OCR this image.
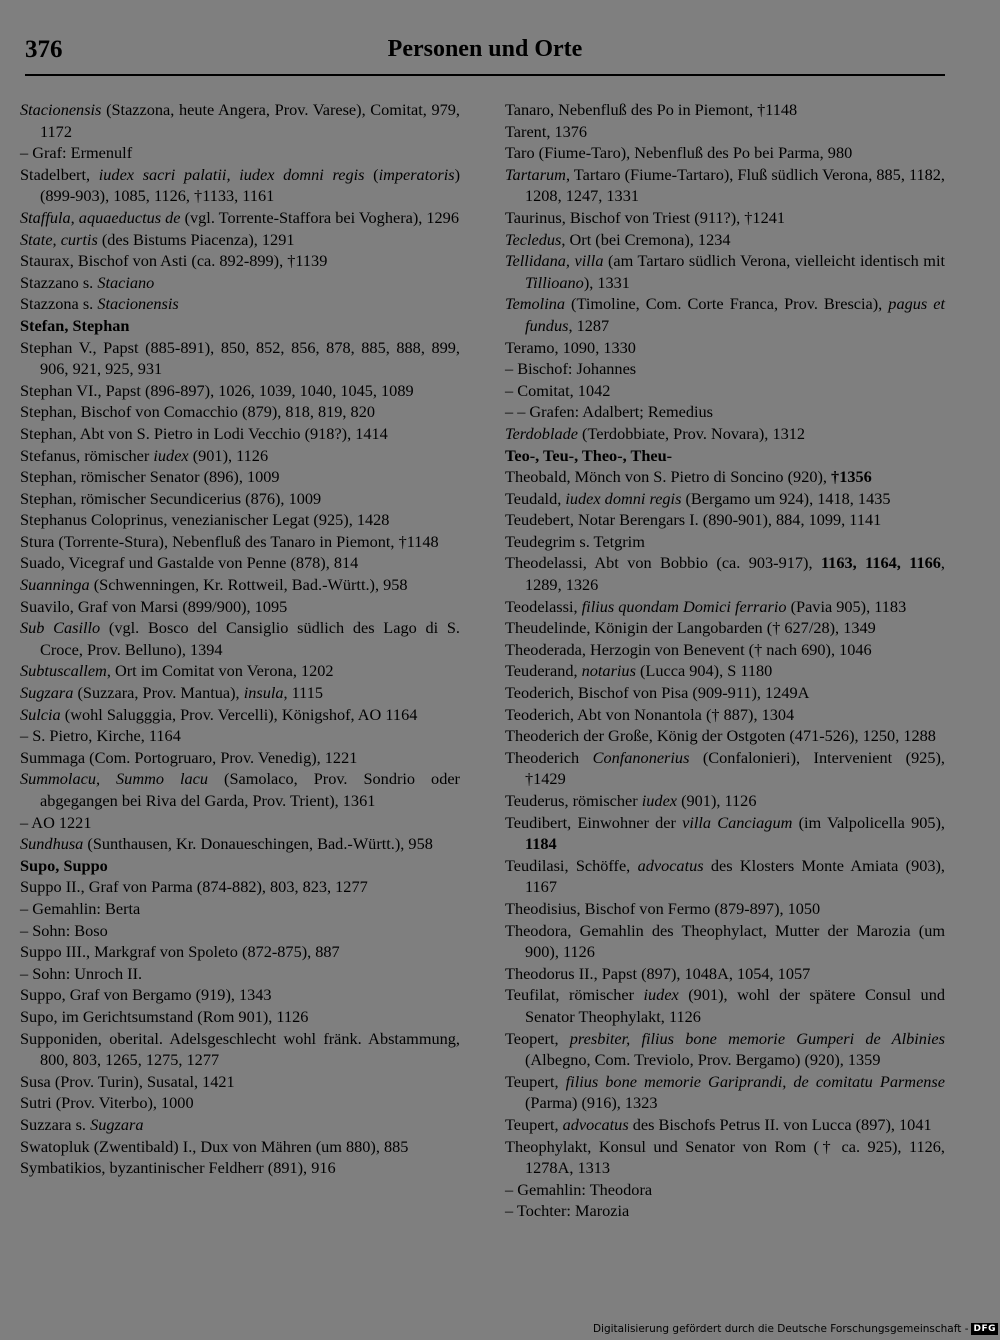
376	Personen und Orte

Stacionensis (Stazzona, heute Angera, Prov. Varese), Comitat, 979, 1172

– Graf: Ermenulf

Stadelbert, iudex sacri palatii, iudex domni regis (imperatoris) (899-903), 1085, 1126, †1133, 1161

Staffula, aquaeductus de (vgl. Torrente-Staffora bei Voghera), 1296

State, curtis (des Bistums Piacenza), 1291

Staurax, Bischof von Asti (ca. 892-899), †1139

Stazzano s. Staciano

Stazzona s. Stacionensis

Stefan, Stephan

Stephan V., Papst (885-891), 850, 852, 856, 878, 885, 888, 899, 906, 921, 925, 931

Stephan VI., Papst (896-897), 1026, 1039, 1040, 1045, 1089

Stephan, Bischof von Comacchio (879), 818, 819, 820

Stephan, Abt von S. Pietro in Lodi Vecchio (918?), 1414

Stefanus, römischer iudex (901), 1126

Stephan, römischer Senator (896), 1009

Stephan, römischer Secundicerius (876), 1009

Stephanus Coloprinus, venezianischer Legat (925), 1428

Stura (Torrente-Stura), Nebenfluß des Tanaro in Piemont, †1148

Suado, Vicegraf und Gastalde von Penne (878), 814

Suanninga (Schwenningen, Kr. Rottweil, Bad.-Württ.), 958

Suavilo, Graf von Marsi (899/900), 1095

Sub Casillo (vgl. Bosco del Cansiglio südlich des Lago di S. Croce, Prov. Belluno), 1394

Subtuscallem, Ort im Comitat von Verona, 1202

Sugzara (Suzzara, Prov. Mantua), insula, 1115

Sulcia (wohl Salugggia, Prov. Vercelli), Königshof, AO 1164

– S. Pietro, Kirche, 1164

Summaga (Com. Portogruaro, Prov. Venedig), 1221

Summolacu, Summo lacu (Samolaco, Prov. Sondrio oder abgegangen bei Riva del Garda, Prov. Trient), 1361

– AO 1221

Sundhusa (Sunthausen, Kr. Donaueschingen, Bad.-Württ.), 958

Supo, Suppo

Suppo II., Graf von Parma (874-882), 803, 823, 1277

– Gemahlin: Berta

– Sohn: Boso

Suppo III., Markgraf von Spoleto (872-875), 887

– Sohn: Unroch II.

Suppo, Graf von Bergamo (919), 1343

Supo, im Gerichtsumstand (Rom 901), 1126

Supponiden, oberital. Adelsgeschlecht wohl fränk. Abstammung, 800, 803, 1265, 1275, 1277

Susa (Prov. Turin), Susatal, 1421

Sutri (Prov. Viterbo), 1000

Suzzara s. Sugzara

Swatopluk (Zwentibald) I., Dux von Mähren (um 880), 885

Symbatikios, byzantinischer Feldherr (891), 916

Tanaro, Nebenfluß des Po in Piemont, †1148

Tarent, 1376

Taro (Fiume-Taro), Nebenfluß des Po bei Parma, 980

Tartarum, Tartaro (Fiume-Tartaro), Fluß südlich Verona, 885, 1182, 1208, 1247, 1331

Taurinus, Bischof von Triest (911?), †1241

Tecledus, Ort (bei Cremona), 1234

Tellidana, villa (am Tartaro südlich Verona, vielleicht identisch mit Tillioano), 1331

Temolina (Timoline, Com. Corte Franca, Prov. Brescia), pagus et fundus, 1287

Teramo, 1090, 1330

– Bischof: Johannes

– Comitat, 1042

– – Grafen: Adalbert; Remedius

Terdoblade (Terdobbiate, Prov. Novara), 1312

Teo-, Teu-, Theo-, Theu-

Theobald, Mönch von S. Pietro di Soncino (920), †1356

Teudald, iudex domni regis (Bergamo um 924), 1418, 1435

Teudebert, Notar Berengars I. (890-901), 884, 1099, 1141

Teudegrim s. Tetgrim

Theodelassi, Abt von Bobbio (ca. 903-917), 1163, 1164, 1166, 1289, 1326

Teodelassi, filius quondam Domici ferrario (Pavia 905), 1183

Theudelinde, Königin der Langobarden († 627/28), 1349

Theoderada, Herzogin von Benevent († nach 690), 1046

Teuderand, notarius (Lucca 904), S 1180

Teoderich, Bischof von Pisa (909-911), 1249A

Teoderich, Abt von Nonantola († 887), 1304

Theoderich der Große, König der Ostgoten (471-526), 1250, 1288

Theoderich Confanonerius (Confalonieri), Intervenient (925), †1429

Teuderus, römischer iudex (901), 1126

Teudibert, Einwohner der villa Canciagum (im Valpolicella 905), 1184

Teudilasi, Schöffe, advocatus des Klosters Monte Amiata (903), 1167

Theodisius, Bischof von Fermo (879-897), 1050

Theodora, Gemahlin des Theophylact, Mutter der Marozia (um 900), 1126

Theodorus II., Papst (897), 1048A, 1054, 1057

Teufilat, römischer iudex (901), wohl der spätere Consul und Senator Theophylakt, 1126

Teopert, presbiter, filius bone memorie Gumperi de Albinies (Albegno, Com. Treviolo, Prov. Bergamo) (920), 1359

Teupert, filius bone memorie Gariprandi, de comitatu Parmense (Parma) (916), 1323

Teupert, advocatus des Bischofs Petrus II. von Lucca (897), 1041

Theophylakt, Konsul und Senator von Rom († ca. 925), 1126, 1278A, 1313

– Gemahlin: Theodora

– Tochter: Marozia

Digitalisierung gefördert durch die Deutsche Forschungsgemeinschaft - DFG
